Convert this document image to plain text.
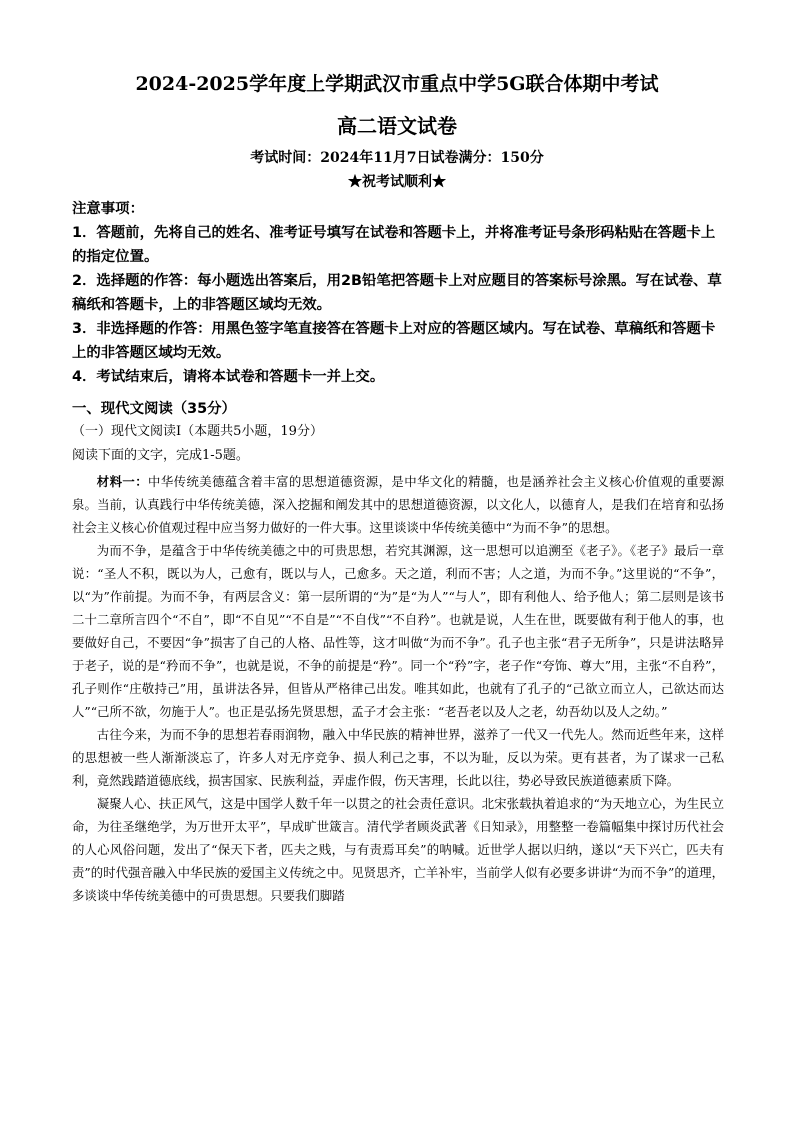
2024-2025学年度上学期武汉市重点中学5G联合体期中考试
高二语文试卷
考试时间：2024年11月7日试卷满分：150分
★祝考试顺利★

注意事项：

1．答题前，先将自己的姓名、准考证号填写在试卷和答题卡上，并将准考证号条形码粘贴在答题卡上的指定位置。

2．选择题的作答：每小题选出答案后，用2B铅笔把答题卡上对应题目的答案标号涂黑。写在试卷、草稿纸和答题卡，上的非答题区域均无效。

3．非选择题的作答：用黑色签字笔直接答在答题卡上对应的答题区域内。写在试卷、草稿纸和答题卡上的非答题区域均无效。

4．考试结束后，请将本试卷和答题卡一并上交。

一、现代文阅读（35分）
（一）现代文阅读Ⅰ（本题共5小题，19分）
阅读下面的文字，完成1-5题。

材料一：中华传统美德蕴含着丰富的思想道德资源，是中华文化的精髓，也是涵养社会主义核心价值观的重要源泉。当前，认真践行中华传统美德，深入挖掘和阐发其中的思想道德资源，以文化人，以德育人，是我们在培育和弘扬社会主义核心价值观过程中应当努力做好的一件大事。这里谈谈中华传统美德中“为而不争”的思想。

为而不争，是蕴含于中华传统美德之中的可贵思想，若究其渊源，这一思想可以追溯至《老子》。《老子》最后一章说：“圣人不积，既以为人，己愈有，既以与人，己愈多。天之道，利而不害；人之道，为而不争。”这里说的“不争”，以“为”作前提。为而不争，有两层含义：第一层所谓的“为”是“为人”“与人”，即有利他人、给予他人；第二层则是该书二十二章所言四个“不自”，即“不自见”“不自是”“不自伐”“不自矜”。也就是说，人生在世，既要做有利于他人的事，也要做好自己，不要因“争”损害了自己的人格、品性等，这才叫做“为而不争”。孔子也主张“君子无所争”，只是讲法略异于老子，说的是“矜而不争”，也就是说，不争的前提是“矜”。同一个“矜”字，老子作“夸饰、尊大”用，主张“不自矜”，孔子则作“庄敬持己”用，虽讲法各异，但皆从严格律己出发。唯其如此，也就有了孔子的“己欲立而立人，己欲达而达人”“己所不欲，勿施于人”。也正是弘扬先贤思想，孟子才会主张：“老吾老以及人之老，幼吾幼以及人之幼。”

古往今来，为而不争的思想若春雨润物，融入中华民族的精神世界，滋养了一代又一代先人。然而近些年来，这样的思想被一些人渐渐淡忘了，许多人对无序竞争、损人利己之事，不以为耻，反以为荣。更有甚者，为了谋求一己私利，竟然践踏道德底线，损害国家、民族利益，弄虚作假，伤天害理，长此以往，势必导致民族道德素质下降。

凝聚人心、扶正风气，这是中国学人数千年一以贯之的社会责任意识。北宋张载执着追求的“为天地立心，为生民立命，为往圣继绝学，为万世开太平”，早成旷世箴言。清代学者顾炎武著《日知录》，用整整一卷篇幅集中探讨历代社会的人心风俗问题，发出了“保天下者，匹夫之贱，与有责焉耳矣”的呐喊。近世学人据以归纳，遂以“天下兴亡，匹夫有责”的时代强音融入中华民族的爱国主义传统之中。见贤思齐，亡羊补牢，当前学人似有必要多讲讲“为而不争”的道理，多谈谈中华传统美德中的可贵思想。只要我们脚踏
